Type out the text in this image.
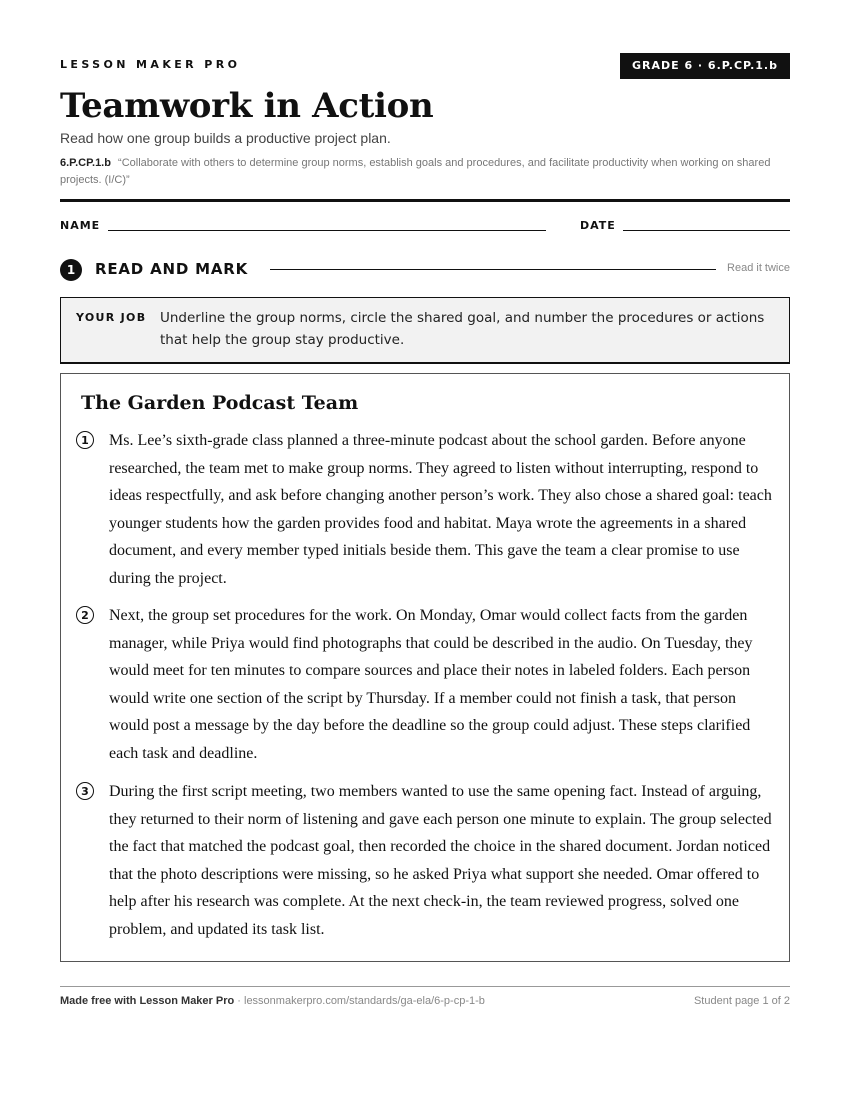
LESSON MAKER PRO	GRADE 6 · 6.P.CP.1.b
Teamwork in Action
Read how one group builds a productive project plan.
6.P.CP.1.b “Collaborate with others to determine group norms, establish goals and procedures, and facilitate productivity when working on shared projects. (I/C)”
NAME	DATE
1	READ AND MARK	Read it twice
YOUR JOB Underline the group norms, circle the shared goal, and number the procedures or actions that help the group stay productive.
The Garden Podcast Team
1	Ms. Lee’s sixth-grade class planned a three-minute podcast about the school garden. Before anyone researched, the team met to make group norms. They agreed to listen without interrupting, respond to ideas respectfully, and ask before changing another person’s work. They also chose a shared goal: teach younger students how the garden provides food and habitat. Maya wrote the agreements in a shared document, and every member typed initials beside them. This gave the team a clear promise to use during the project.
2	Next, the group set procedures for the work. On Monday, Omar would collect facts from the garden manager, while Priya would find photographs that could be described in the audio. On Tuesday, they would meet for ten minutes to compare sources and place their notes in labeled folders. Each person would write one section of the script by Thursday. If a member could not finish a task, that person would post a message by the day before the deadline so the group could adjust. These steps clarified each task and deadline.
3	During the first script meeting, two members wanted to use the same opening fact. Instead of arguing, they returned to their norm of listening and gave each person one minute to explain. The group selected the fact that matched the podcast goal, then recorded the choice in the shared document. Jordan noticed that the photo descriptions were missing, so he asked Priya what support she needed. Omar offered to help after his research was complete. At the next check-in, the team reviewed progress, solved one problem, and updated its task list.
Made free with Lesson Maker Pro · lessonmakerpro.com/standards/ga-ela/6-p-cp-1-b	Student page 1 of 2
